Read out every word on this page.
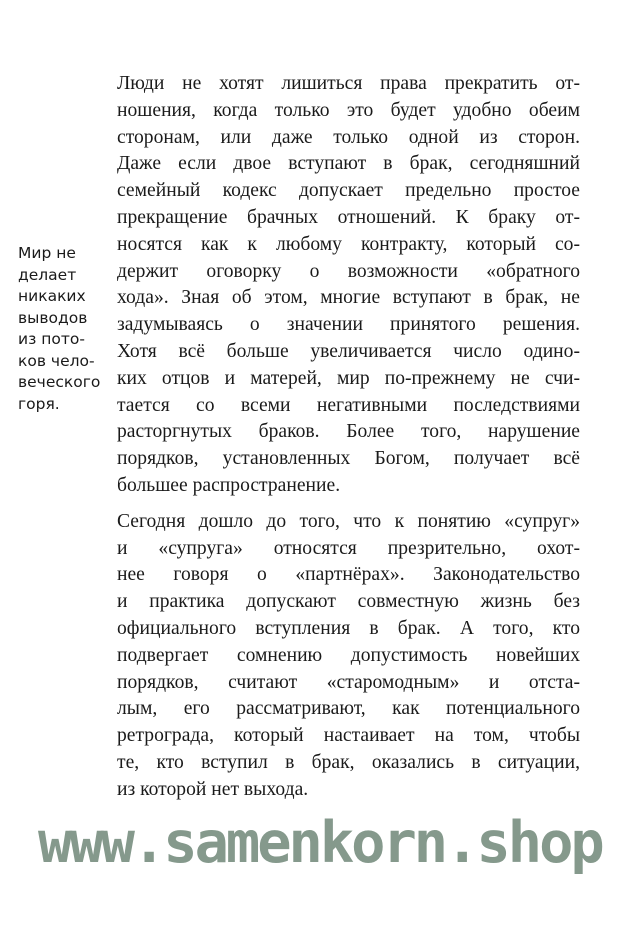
Мир не
делает
никаких
выводов
из пото-
ков чело-
веческого
горя.

Люди не хотят лишиться права прекратить от-
ношения, когда только это будет удобно обеим
сторонам, или даже только одной из сторон.
Даже если двое вступают в брак, сегодняшний
семейный кодекс допускает предельно простое
прекращение брачных отношений. К браку от-
носятся как к любому контракту, который со-
держит оговорку о возможности «обратного
хода». Зная об этом, многие вступают в брак, не
задумываясь о значении принятого решения.
Хотя всё больше увеличивается число одино-
ких отцов и матерей, мир по-прежнему не счи-
тается со всеми негативными последствиями
расторгнутых браков. Более того, нарушение
порядков, установленных Богом, получает всё
большее распространение.

Сегодня дошло до того, что к понятию «супруг»
и «супруга» относятся презрительно, охот-
нее говоря о «партнёрах». Законодательство
и практика допускают совместную жизнь без
официального вступления в брак. А того, кто
подвергает сомнению допустимость новейших
порядков, считают «старомодным» и отста-
лым, его рассматривают, как потенциального
ретрограда, который настаивает на том, чтобы
те, кто вступил в брак, оказались в ситуации,
из которой нет выхода.

www.samenkorn.shop
